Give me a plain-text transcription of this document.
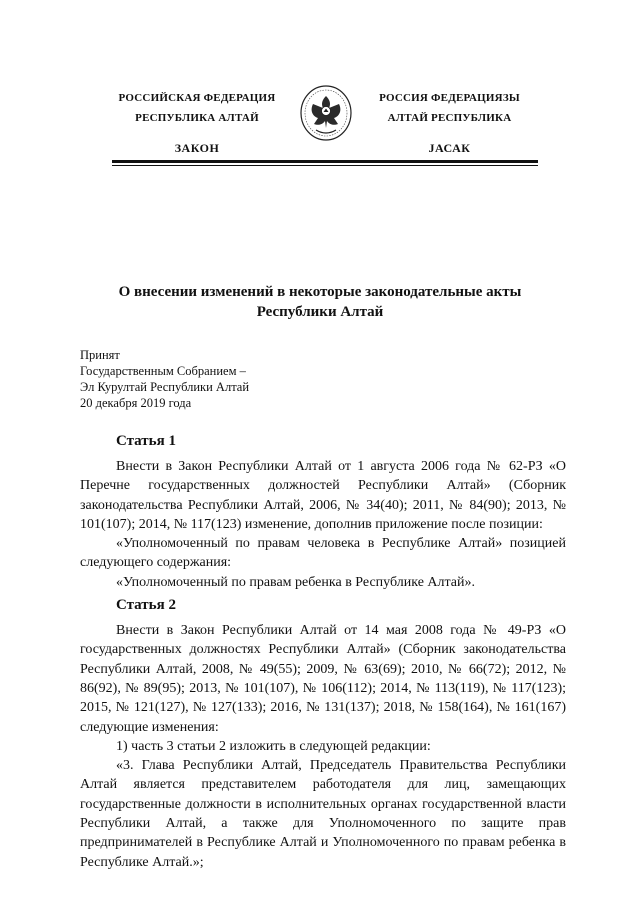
РОССИЙСКАЯ ФЕДЕРАЦИЯ
РЕСПУБЛИКА АЛТАЙ
ЗАКОН
РОССИЯ ФЕДЕРАЦИЯЗЫ
АЛТАЙ РЕСПУБЛИКА
JАСАК
О внесении изменений в некоторые законодательные акты
Республики Алтай
Принят
Государственным Собранием –
Эл Курултай Республики Алтай
20 декабря 2019 года

Статья 1

Внести в Закон Республики Алтай от 1 августа 2006 года № 62-РЗ «О Перечне государственных должностей Республики Алтай» (Сборник законодательства Республики Алтай, 2006, № 34(40); 2011, № 84(90); 2013, № 101(107); 2014, № 117(123) изменение, дополнив приложение после позиции:

«Уполномоченный по правам человека в Республике Алтай» позицией следующего содержания:

«Уполномоченный по правам ребенка в Республике Алтай».

Статья 2

Внести в Закон Республики Алтай от 14 мая 2008 года № 49-РЗ «О государственных должностях Республики Алтай» (Сборник законодательства Республики Алтай, 2008, № 49(55); 2009, № 63(69); 2010, № 66(72); 2012, № 86(92), № 89(95); 2013, № 101(107), № 106(112); 2014, № 113(119), № 117(123); 2015, № 121(127), № 127(133); 2016, № 131(137); 2018, № 158(164), № 161(167) следующие изменения:

1) часть 3 статьи 2 изложить в следующей редакции:

«3. Глава Республики Алтай, Председатель Правительства Республики Алтай является представителем работодателя для лиц, замещающих государственные должности в исполнительных органах государственной власти Республики Алтай, а также для Уполномоченного по защите прав предпринимателей в Республике Алтай и Уполномоченного по правам ребенка в Республике Алтай.»;
